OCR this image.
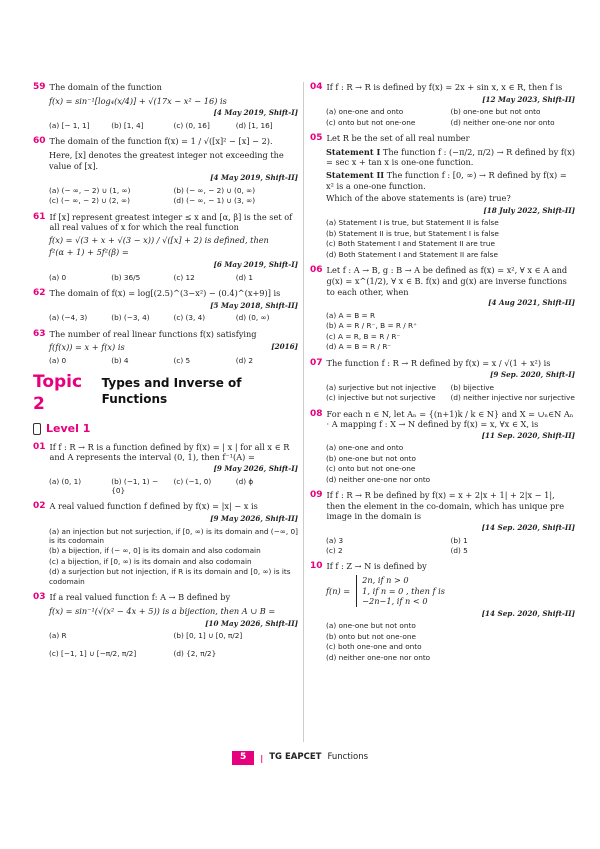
59 The domain of the function
f(x) = sin⁻¹[log₄(x/4)] + √(17x − x² − 16) is
[4 May 2019, Shift-I]
(a) [− 1, 1]	(b) [1, 4]	(c) (0, 16]	(d) [1, 16]
60 The domain of the function f(x) = 1 / √([x]² − [x] − 2).
Here, [x] denotes the greatest integer not exceeding the value of [x].
[4 May 2019, Shift-II]
(a) (− ∞, − 2) ∪ (1, ∞)	(b) (− ∞, − 2) ∪ (0, ∞)
(c) (− ∞, − 2) ∪ (2, ∞)	(d) (− ∞, − 1) ∪ (3, ∞)
61 If [x] represent greatest integer ≤ x and [α, β] is the set of all real values of x for which the real function
f(x) = √(3 + x + √(3 − x)) / √([x] + 2) is defined, then
f²(α + 1) + 5f²(β) =
[6 May 2019, Shift-I]
(a) 0	(b) 36/5	(c) 12	(d) 1
62 The domain of f(x) = log[(2.5)^(3−x²) − (0.4)^(x+9)] is
[5 May 2018, Shift-II]
(a) (−4, 3)	(b) (−3, 4)	(c) (3, 4)	(d) (0, ∞)
63 The number of real linear functions f(x) satisfying
f(f(x)) = x + f(x) is	[2016]
(a) 0	(b) 4	(c) 5	(d) 2
Topic 2
Types and Inverse of Functions
Level 1
01 If f : R → R is a function defined by f(x) = | x | for all x ∈ R and A represents the interval (0, 1), then f⁻¹(A) =
[9 May 2026, Shift-I]
(a) (0, 1)	(b) (−1, 1) − {0}
(c) (−1, 0)	(d) ϕ
02 A real valued function f defined by f(x) = |x| − x is
[9 May 2026, Shift-II]
(a) an injection but not surjection, if [0, ∞) is its domain and (−∞, 0] is its codomain
(b) a bijection, if (− ∞, 0] is its domain and also codomain
(c) a bijection, if [0, ∞) is its domain and also codomain
(d) a surjection but not injection, if R is its domain and [0, ∞) is its codomain
03 If a real valued function f: A → B defined by
f(x) = sin⁻¹(√(x² − 4x + 5)) is a bijection, then A ∪ B =
[10 May 2026, Shift-II]
(a) R	(b) [0, 1] ∪ [0, π/2]
(c) [−1, 1] ∪ [−π/2, π/2]	(d) {2, π/2}
04 If f : R → R is defined by f(x) = 2x + sin x, x ∈ R, then f is
[12 May 2023, Shift-II]
(a) one-one and onto	(b) one-one but not onto
(c) onto but not one-one	(d) neither one-one nor onto
05 Let R be the set of all real number
Statement I The function f : (−π/2, π/2) → R defined by f(x) = sec x + tan x is one-one function.
Statement II The function f : [0, ∞) → R defined by f(x) = x² is a one-one function.
Which of the above statements is (are) true?
[18 July 2022, Shift-II]
(a) Statement I is true, but Statement II is false
(b) Statement II is true, but Statement I is false
(c) Both Statement I and Statement II are true
(d) Both Statement I and Statement II are false
06 Let f : A → B, g : B → A be defined as f(x) = x², ∀ x ∈ A and g(x) = x^(1/2), ∀ x ∈ B. f(x) and g(x) are inverse functions to each other, when
[4 Aug 2021, Shift-II]
(a) A = B = R
(b) A = R / R⁻, B = R / R⁺
(c) A = R, B = R / R⁻
(d) A = B = R / R⁻
07 The function f : R → R defined by f(x) = x / √(1 + x²) is
[9 Sep. 2020, Shift-I]
(a) surjective but not injective	(b) bijective
(c) injective but not surjective	(d) neither injective nor surjective
08 For each n ∈ N, let Aₙ = {(n+1)k / k ∈ N} and X = ∪ₙ∈N Aₙ · A mapping f : X → N defined by f(x) = x, ∀x ∈ X, is
[11 Sep. 2020, Shift-II]
(a) one-one and onto
(b) one-one but not onto
(c) onto but not one-one
(d) neither one-one nor onto
09 If f : R → R be defined by f(x) = x + 2|x + 1| + 2|x − 1|, then the element in the co-domain, which has unique pre image in the domain is
[14 Sep. 2020, Shift-II]
(a) 3	(b) 1
(c) 2	(d) 5
10 If f : Z → N is defined by
f(n) =
2n, if n > 0
1, if n = 0 , then f is
−2n−1, if n < 0
[14 Sep. 2020, Shift-II]
(a) one-one but not onto
(b) onto but not one-one
(c) both one-one and onto
(d) neither one-one nor onto
5	| TG EAPCET Functions
